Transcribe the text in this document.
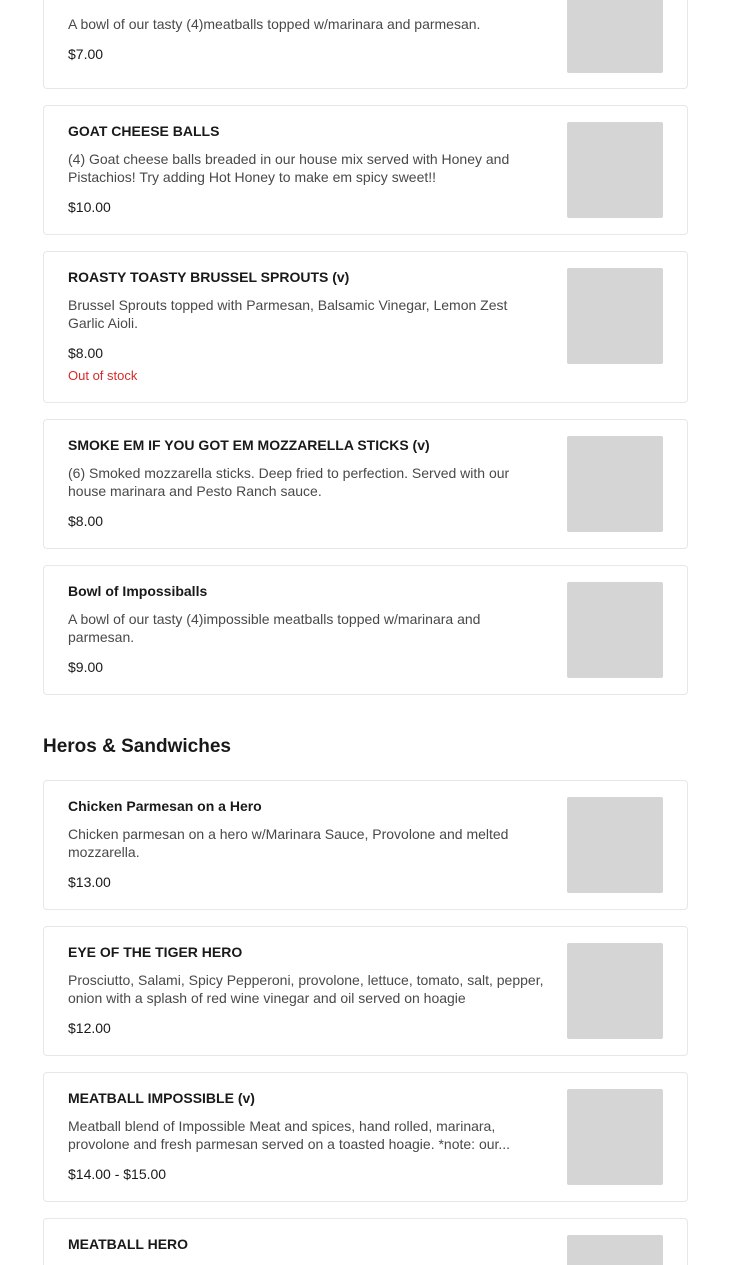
A bowl of our tasty (4)meatballs topped w/marinara and parmesan.
$7.00
GOAT CHEESE BALLS
(4) Goat cheese balls breaded in our house mix served with Honey and Pistachios! Try adding Hot Honey to make em spicy sweet!!
$10.00
ROASTY TOASTY BRUSSEL SPROUTS (v)
Brussel Sprouts topped with Parmesan, Balsamic Vinegar, Lemon Zest Garlic Aioli.
$8.00
Out of stock
SMOKE EM IF YOU GOT EM MOZZARELLA STICKS (v)
(6) Smoked mozzarella sticks. Deep fried to perfection. Served with our house marinara and Pesto Ranch sauce.
$8.00
Bowl of Impossiballs
A bowl of our tasty (4)impossible meatballs topped w/marinara and parmesan.
$9.00
Heros & Sandwiches
Chicken Parmesan on a Hero
Chicken parmesan on a hero w/Marinara Sauce, Provolone and melted mozzarella.
$13.00
EYE OF THE TIGER HERO
Prosciutto, Salami, Spicy Pepperoni, provolone, lettuce, tomato, salt, pepper, onion with a splash of red wine vinegar and oil served on hoagie
$12.00
MEATBALL IMPOSSIBLE (v)
Meatball blend of Impossible Meat and spices, hand rolled, marinara, provolone and fresh parmesan served on a toasted hoagie. *note: our...
$14.00 - $15.00
MEATBALL HERO
